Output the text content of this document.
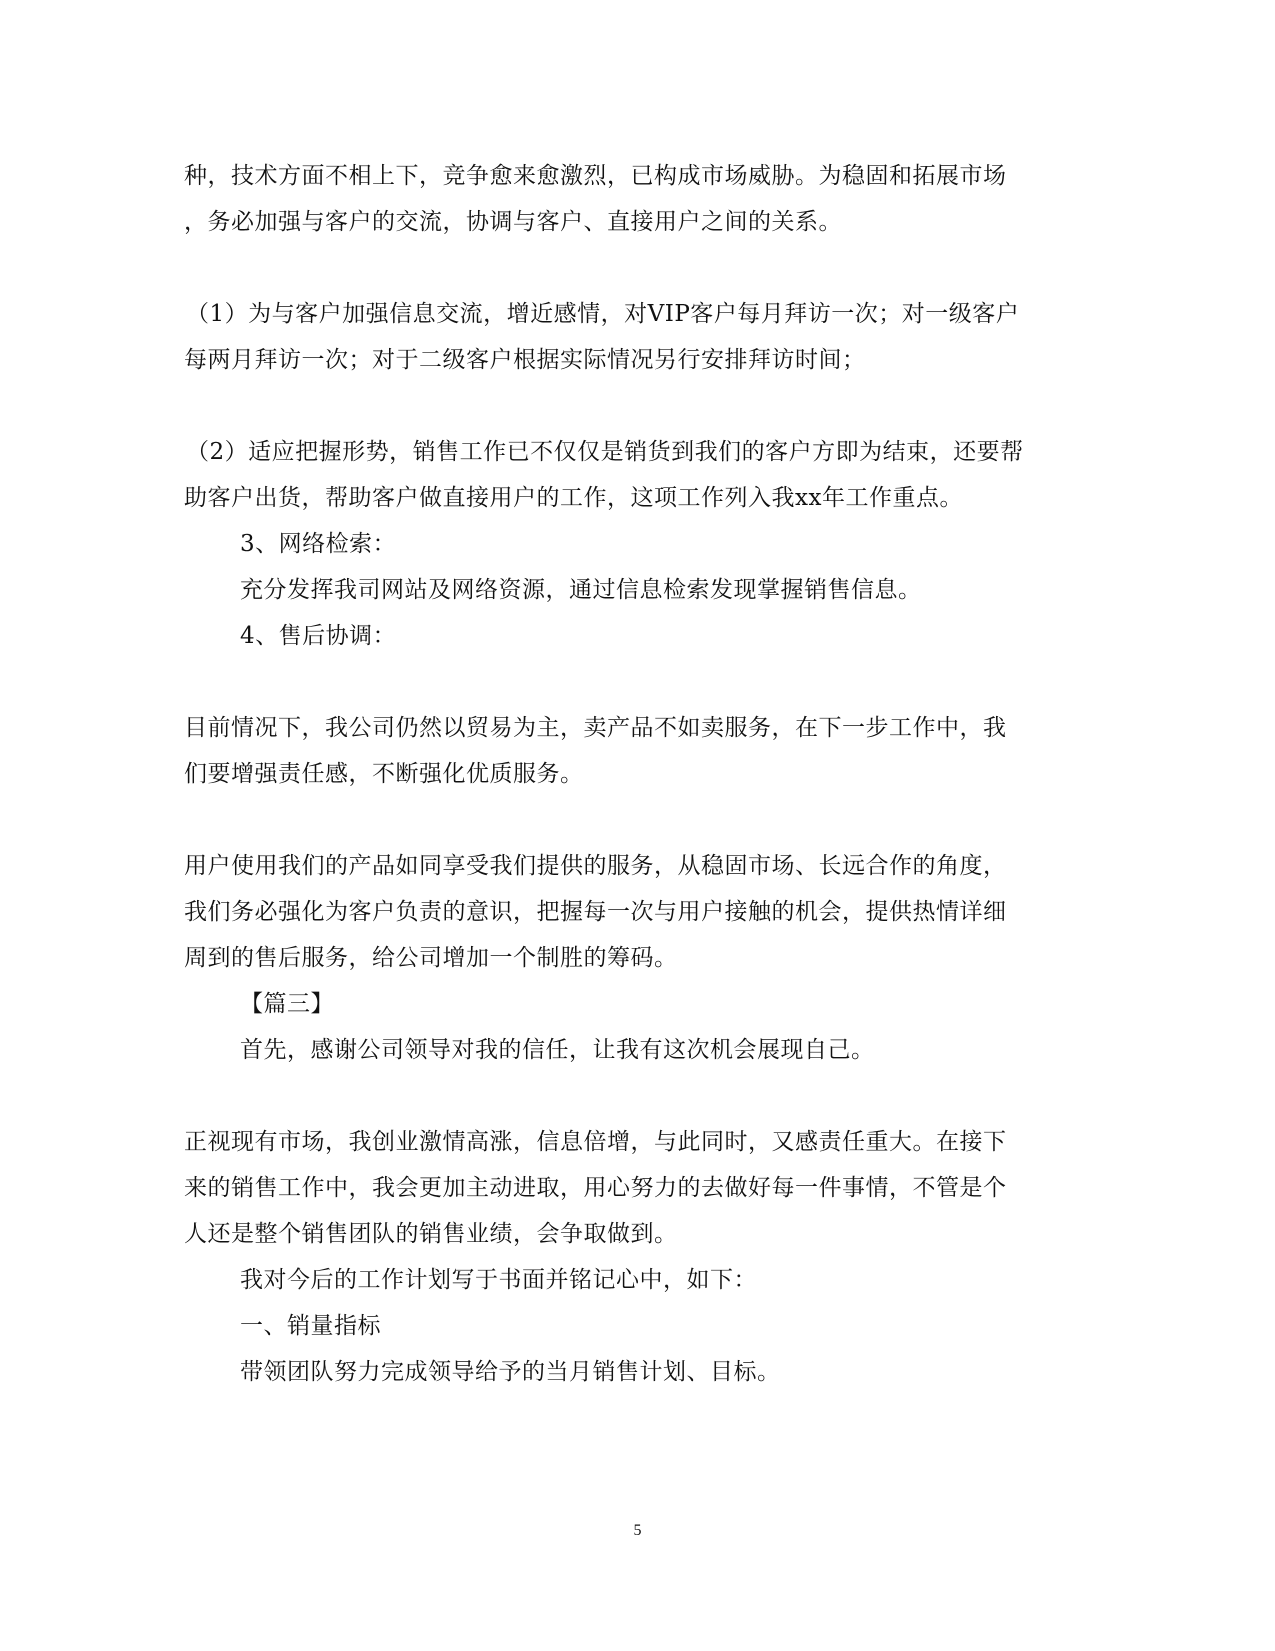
种，技术方面不相上下，竞争愈来愈激烈，已构成市场威胁。为稳固和拓展市场
，务必加强与客户的交流，协调与客户、直接用户之间的关系。
（1）为与客户加强信息交流，增近感情，对VIP客户每月拜访一次；对一级客户
每两月拜访一次；对于二级客户根据实际情况另行安排拜访时间；
（2）适应把握形势，销售工作已不仅仅是销货到我们的客户方即为结束，还要帮
助客户出货，帮助客户做直接用户的工作，这项工作列入我xx年工作重点。
3、网络检索：
充分发挥我司网站及网络资源，通过信息检索发现掌握销售信息。
4、售后协调：
目前情况下，我公司仍然以贸易为主，卖产品不如卖服务，在下一步工作中，我
们要增强责任感，不断强化优质服务。
用户使用我们的产品如同享受我们提供的服务，从稳固市场、长远合作的角度，
我们务必强化为客户负责的意识，把握每一次与用户接触的机会，提供热情详细
周到的售后服务，给公司增加一个制胜的筹码。
【篇三】
首先，感谢公司领导对我的信任，让我有这次机会展现自己。
正视现有市场，我创业激情高涨，信息倍增，与此同时，又感责任重大。在接下
来的销售工作中，我会更加主动进取，用心努力的去做好每一件事情，不管是个
人还是整个销售团队的销售业绩，会争取做到。
我对今后的工作计划写于书面并铭记心中，如下：
一、销量指标
带领团队努力完成领导给予的当月销售计划、目标。
5
